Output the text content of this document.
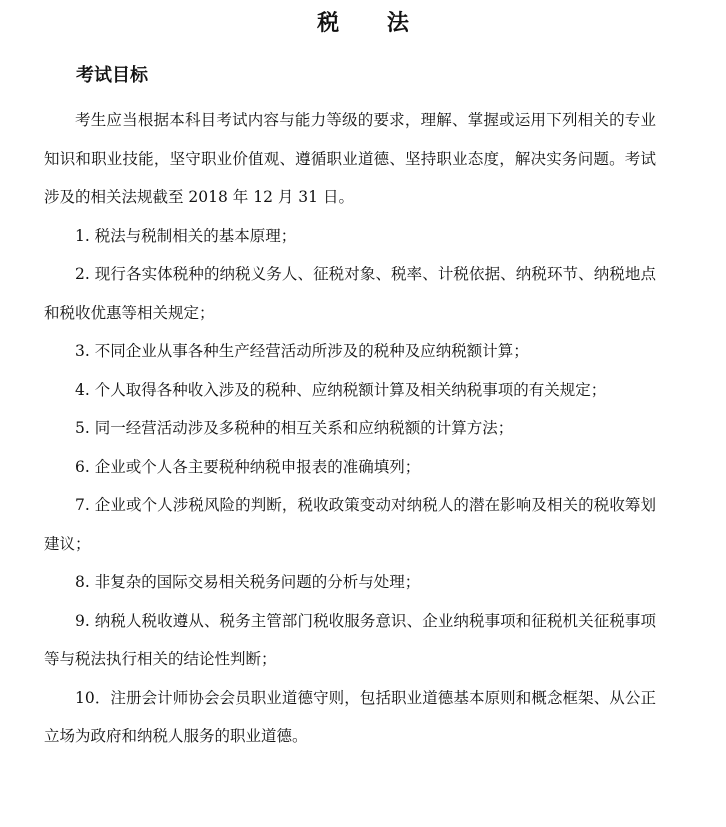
税 法
考试目标

考生应当根据本科目考试内容与能力等级的要求，理解、掌握或运用下列相关的专业知识和职业技能，坚守职业价值观、遵循职业道德、坚持职业态度，解决实务问题。考试涉及的相关法规截至 2018 年 12 月 31 日。

1. 税法与税制相关的基本原理；

2. 现行各实体税种的纳税义务人、征税对象、税率、计税依据、纳税环节、纳税地点和税收优惠等相关规定；

3. 不同企业从事各种生产经营活动所涉及的税种及应纳税额计算；

4. 个人取得各种收入涉及的税种、应纳税额计算及相关纳税事项的有关规定；

5. 同一经营活动涉及多税种的相互关系和应纳税额的计算方法；

6. 企业或个人各主要税种纳税申报表的准确填列；

7. 企业或个人涉税风险的判断，税收政策变动对纳税人的潜在影响及相关的税收筹划建议；

8. 非复杂的国际交易相关税务问题的分析与处理；

9. 纳税人税收遵从、税务主管部门税收服务意识、企业纳税事项和征税机关征税事项等与税法执行相关的结论性判断；

10．注册会计师协会会员职业道德守则，包括职业道德基本原则和概念框架、从公正立场为政府和纳税人服务的职业道德。
